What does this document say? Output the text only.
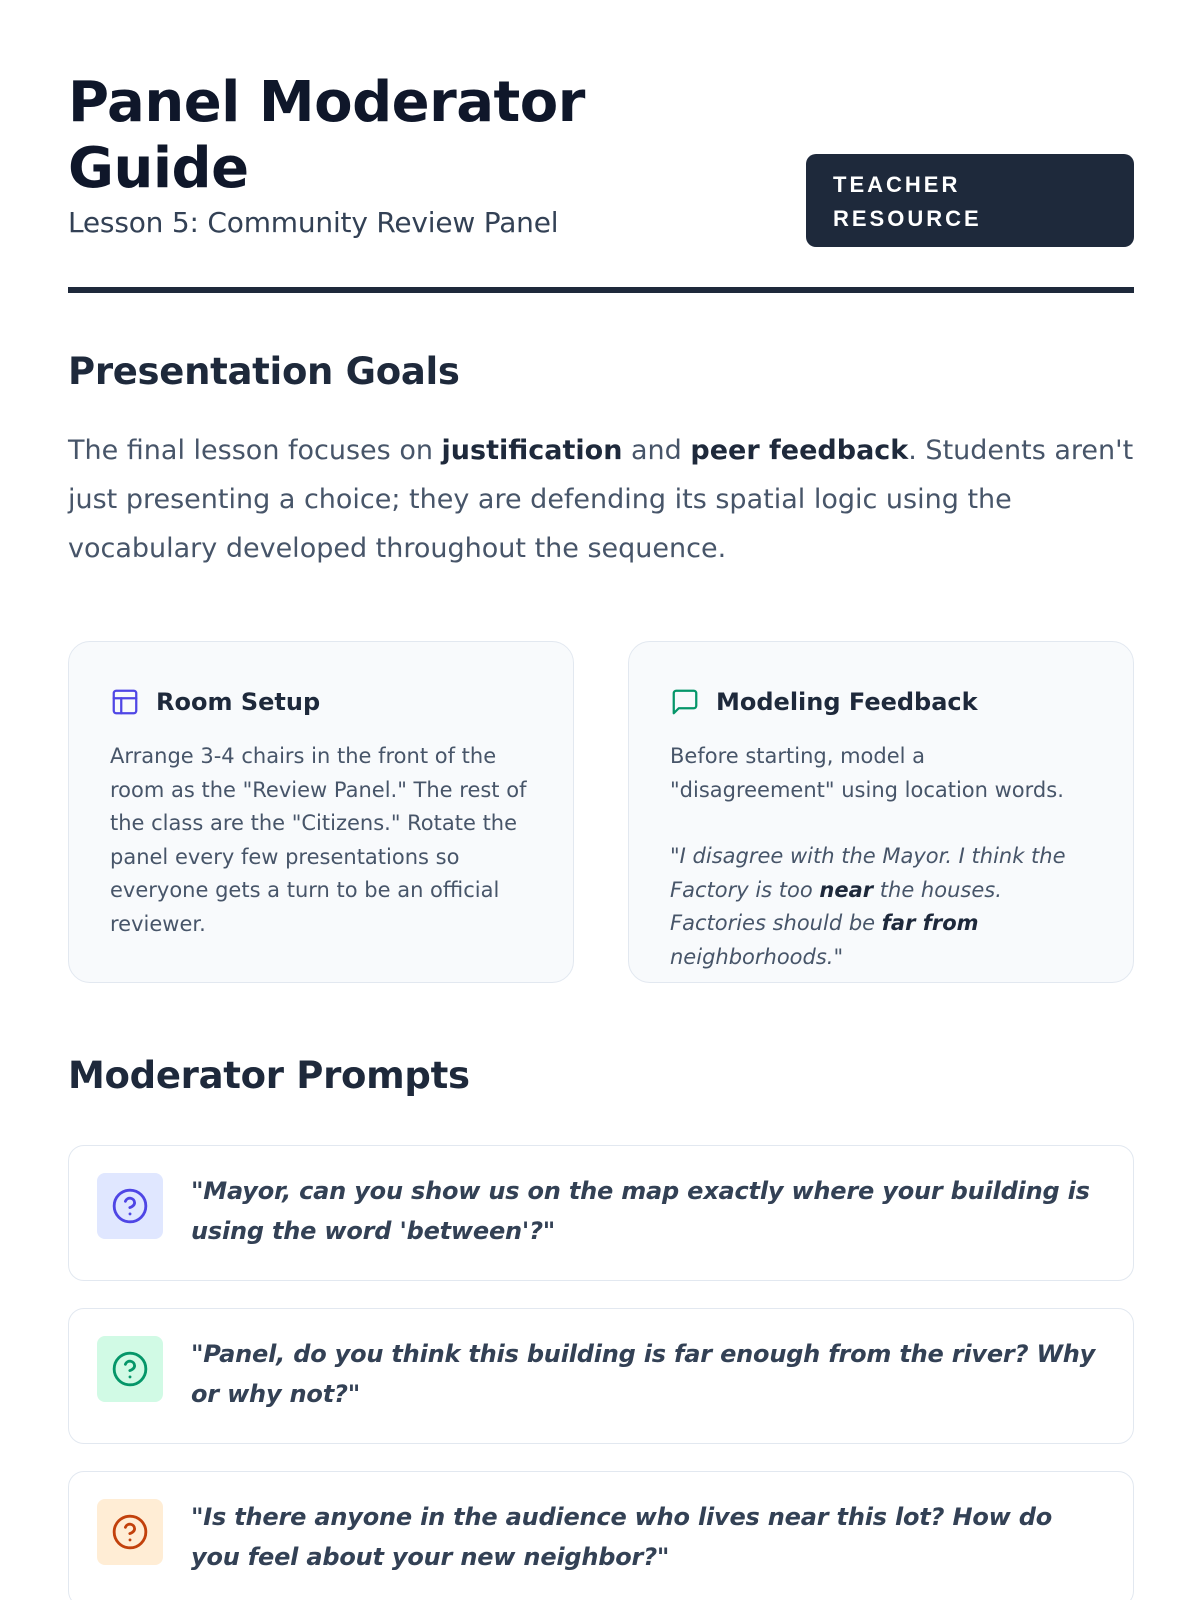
Panel Moderator Guide
Lesson 5: Community Review Panel
TEACHER
RESOURCE
Presentation Goals

The final lesson focuses on justification and peer feedback. Students aren't just presenting a choice; they are defending its spatial logic using the vocabulary developed throughout the sequence.

Room Setup

Arrange 3-4 chairs in the front of the room as the "Review Panel." The rest of the class are the "Citizens." Rotate the panel every few presentations so everyone gets a turn to be an official reviewer.

Modeling Feedback

Before starting, model a "disagreement" using location words.

"I disagree with the Mayor. I think the Factory is too near the houses. Factories should be far from neighborhoods."

Moderator Prompts

"Mayor, can you show us on the map exactly where your building is using the word 'between'?"

"Panel, do you think this building is far enough from the river? Why or why not?"

"Is there anyone in the audience who lives near this lot? How do you feel about your new neighbor?"
